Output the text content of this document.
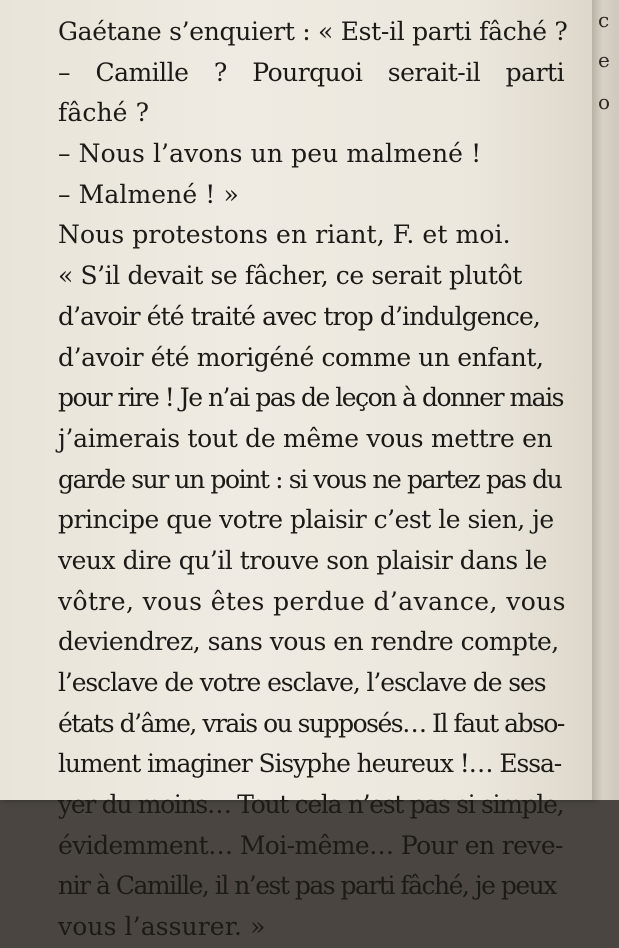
Gaétane s’enquiert : « Est-il parti fâché ?
– Camille ? Pourquoi serait-il parti
fâché ?
– Nous l’avons un peu malmené !
– Malmené ! »
Nous protestons en riant, F. et moi.
« S’il devait se fâcher, ce serait plutôt
d’avoir été traité avec trop d’indulgence,
d’avoir été morigéné comme un enfant,
pour rire ! Je n’ai pas de leçon à donner mais
j’aimerais tout de même vous mettre en
garde sur un point : si vous ne partez pas du
principe que votre plaisir c’est le sien, je
veux dire qu’il trouve son plaisir dans le
vôtre, vous êtes perdue d’avance, vous
deviendrez, sans vous en rendre compte,
l’esclave de votre esclave, l’esclave de ses
états d’âme, vrais ou supposés… Il faut abso-
lument imaginer Sisyphe heureux !… Essa-
yer du moins… Tout cela n’est pas si simple,
évidemment… Moi-même… Pour en reve-
nir à Camille, il n’est pas parti fâché, je peux
vous l’assurer. »
c
e
o
